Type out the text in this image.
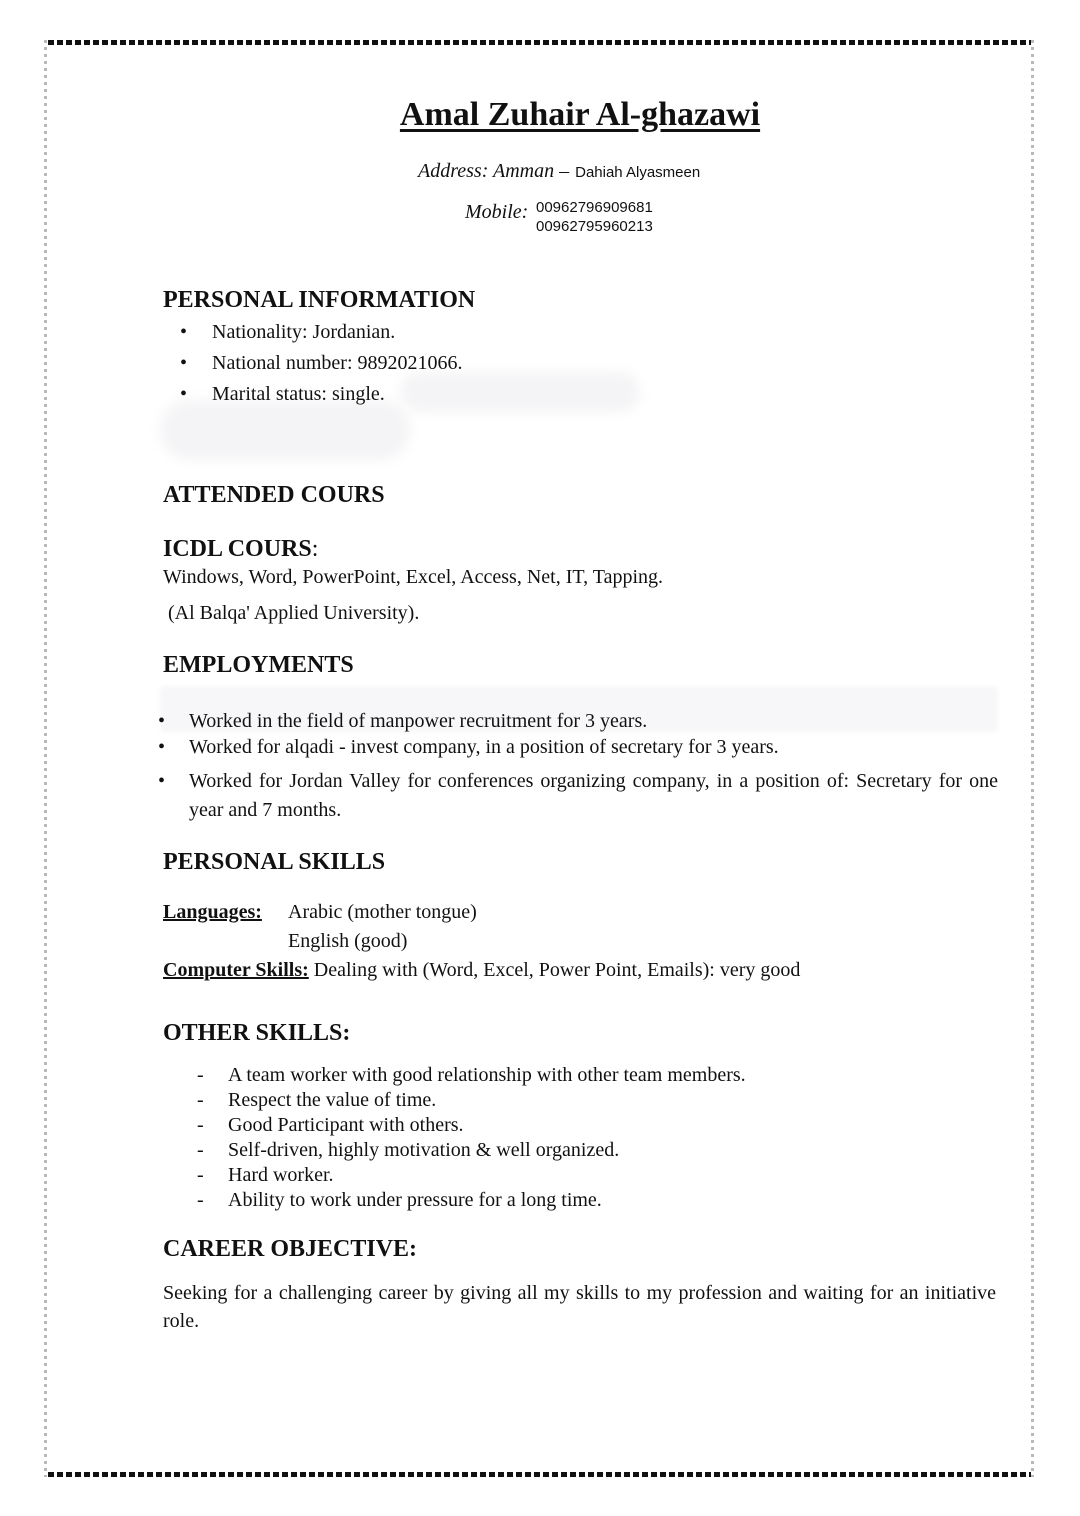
Amal Zuhair Al-ghazawi
Address: Amman – Dahiah Alyasmeen
Mobile: 00962796909681
00962795960213
PERSONAL INFORMATION
• Nationality: Jordanian.
• National number: 9892021066.
• Marital status: single.
ATTENDED COURS
ICDL COURS:
Windows, Word, PowerPoint, Excel, Access, Net, IT, Tapping.
(Al Balqa' Applied University).
EMPLOYMENTS
• Worked in the field of manpower recruitment for 3 years.
• Worked for alqadi - invest company, in a position of secretary for 3 years.
• Worked for Jordan Valley for conferences organizing company, in a position of: Secretary for one year and 7 months.
PERSONAL SKILLS
Languages: Arabic (mother tongue)
English (good)
Computer Skills: Dealing with (Word, Excel, Power Point, Emails): very good
OTHER SKILLS:
- A team worker with good relationship with other team members.
- Respect the value of time.
- Good Participant with others.
- Self-driven, highly motivation & well organized.
- Hard worker.
- Ability to work under pressure for a long time.
CAREER OBJECTIVE:
Seeking for a challenging career by giving all my skills to my profession and waiting for an initiative role.
